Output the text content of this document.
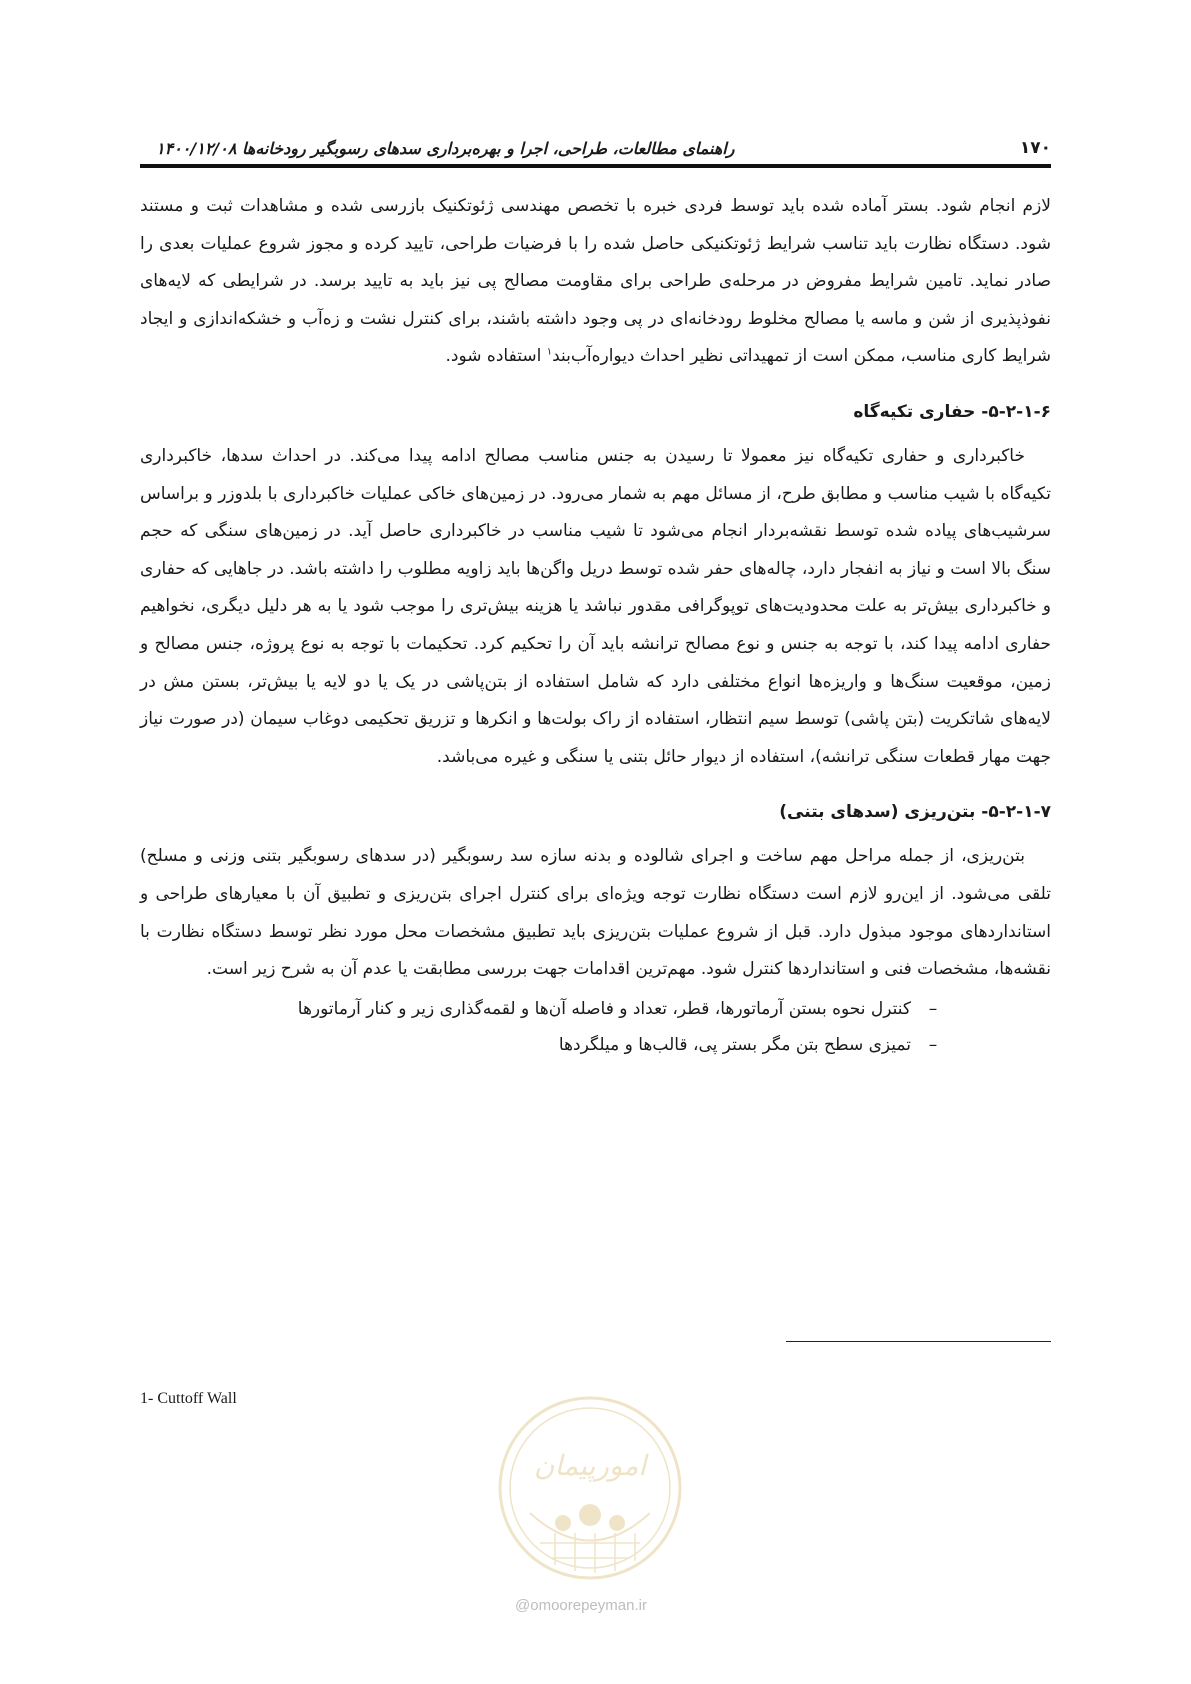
۱۷۰
راهنمای مطالعات، طراحی، اجرا و بهره‌برداری سدهای رسوبگیر رودخانه‌ها ۱۴۰۰/۱۲/۰۸

لازم انجام شود. بستر آماده شده باید توسط فردی خبره با تخصص مهندسی ژئوتکنیک بازرسی شده و مشاهدات ثبت و مستند شود. دستگاه نظارت باید تناسب شرایط ژئوتکنیکی حاصل شده را با فرضیات طراحی، تایید کرده و مجوز شروع عملیات بعدی را صادر نماید. تامین شرایط مفروض در مرحله‌ی طراحی برای مقاومت مصالح پی نیز باید به تایید برسد. در شرایطی که لایه‌های نفوذپذیری از شن و ماسه یا مصالح مخلوط رودخانه‌ای در پی وجود داشته باشند، برای کنترل نشت و زه‌آب و خشکه‌اندازی و ایجاد شرایط کاری مناسب، ممکن است از تمهیداتی نظیر احداث دیواره‌آب‌بند$^۱$ استفاده شود.

۵-۲-۱-۶- حفاری تکیه‌گاه

خاکبرداری و حفاری تکیه‌گاه نیز معمولا تا رسیدن به جنس مناسب مصالح ادامه پیدا می‌کند. در احداث سدها، خاکبرداری تکیه‌گاه با شیب مناسب و مطابق طرح، از مسائل مهم به شمار می‌رود. در زمین‌های خاکی عملیات خاکبرداری با بلدوزر و براساس سرشیب‌های پیاده شده توسط نقشه‌بردار انجام می‌شود تا شیب مناسب در خاکبرداری حاصل آید. در زمین‌های سنگی که حجم سنگ بالا است و نیاز به انفجار دارد، چاله‌های حفر شده توسط دریل واگن‌ها باید زاویه مطلوب را داشته باشد. در جاهایی که حفاری و خاکبرداری بیش‌تر به علت محدودیت‌های توپوگرافی مقدور نباشد یا هزینه بیش‌تری را موجب شود یا به هر دلیل دیگری، نخواهیم حفاری ادامه پیدا کند، با توجه به جنس و نوع مصالح ترانشه باید آن را تحکیم کرد. تحکیمات با توجه به نوع پروژه، جنس مصالح و زمین، موقعیت سنگ‌ها و واریزه‌ها انواع مختلفی دارد که شامل استفاده از بتن‌پاشی در یک یا دو لایه یا بیش‌تر، بستن مش در لایه‌های شاتکریت (بتن پاشی) توسط سیم انتظار، استفاده از راک بولت‌ها و انکرها و تزریق تحکیمی دوغاب سیمان (در صورت نیاز جهت مهار قطعات سنگی ترانشه)، استفاده از دیوار حائل بتنی یا سنگی و غیره می‌باشد.

۵-۲-۱-۷- بتن‌ریزی (سدهای بتنی)

بتن‌ریزی، از جمله مراحل مهم ساخت و اجرای شالوده و بدنه سازه سد رسوبگیر (در سدهای رسوبگیر بتنی وزنی و مسلح) تلقی می‌شود. از این‌رو لازم است دستگاه نظارت توجه ویژه‌ای برای کنترل اجرای بتن‌ریزی و تطبیق آن با معیارهای طراحی و استانداردهای موجود مبذول دارد. قبل از شروع عملیات بتن‌ریزی باید تطبیق مشخصات محل مورد نظر توسط دستگاه نظارت با نقشه‌ها، مشخصات فنی و استانداردها کنترل شود. مهم‌ترین اقدامات جهت بررسی مطابقت یا عدم آن به شرح زیر است.

–
کنترل نحوه بستن آرماتورها، قطر، تعداد و فاصله آن‌ها و لقمه‌گذاری زیر و کنار آرماتورها
–
تمیزی سطح بتن مگر بستر پی، قالب‌ها و میلگردها
1- Cuttoff Wall
امورپیمان
@omoorepeyman.ir
